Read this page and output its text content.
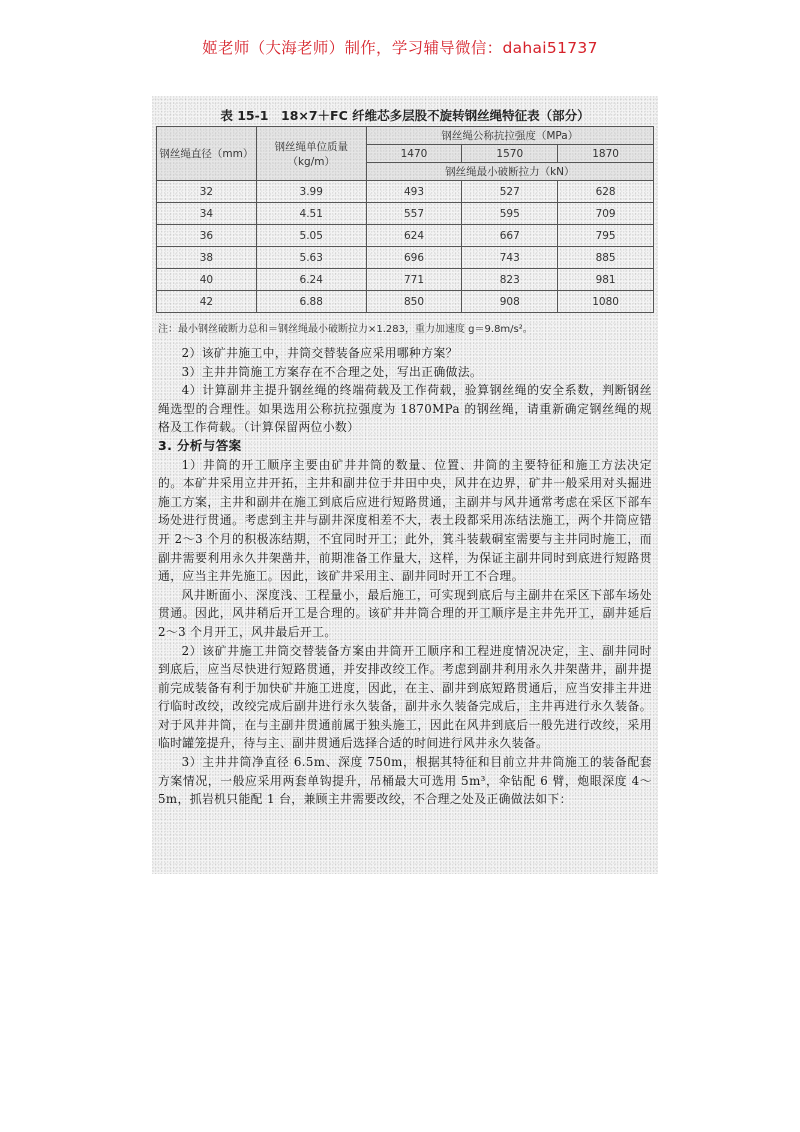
姬老师（大海老师）制作，学习辅导微信：dahai51737
表 15-1　18×7＋FC 纤维芯多层股不旋转钢丝绳特征表（部分）
钢丝绳直径（mm）	钢丝绳单位质量（kg/m）	钢丝绳公称抗拉强度（MPa）		
		1470	1570	1870
		钢丝绳最小破断拉力（kN）		
32	3.99	493	527	628
34	4.51	557	595	709
36	5.05	624	667	795
38	5.63	696	743	885
40	6.24	771	823	981
42	6.88	850	908	1080
注：最小钢丝破断力总和＝钢丝绳最小破断拉力×1.283，重力加速度 g＝9.8m/s²。

2）该矿井施工中，井筒交替装备应采用哪种方案？

3）主井井筒施工方案存在不合理之处，写出正确做法。

4）计算副井主提升钢丝绳的终端荷载及工作荷载，验算钢丝绳的安全系数，判断钢丝绳选型的合理性。如果选用公称抗拉强度为 1870MPa 的钢丝绳，请重新确定钢丝绳的规格及工作荷载。（计算保留两位小数）

3. 分析与答案

1）井筒的开工顺序主要由矿井井筒的数量、位置、井筒的主要特征和施工方法决定的。本矿井采用立井开拓，主井和副井位于井田中央，风井在边界，矿井一般采用对头掘进施工方案，主井和副井在施工到底后应进行短路贯通，主副井与风井通常考虑在采区下部车场处进行贯通。考虑到主井与副井深度相差不大，表土段都采用冻结法施工，两个井筒应错开 2～3 个月的积极冻结期，不宜同时开工；此外，箕斗装载硐室需要与主井同时施工，而副井需要利用永久井架凿井，前期准备工作量大，这样，为保证主副井同时到底进行短路贯通，应当主井先施工。因此，该矿井采用主、副井同时开工不合理。

风井断面小、深度浅、工程量小，最后施工，可实现到底后与主副井在采区下部车场处贯通。因此，风井稍后开工是合理的。该矿井井筒合理的开工顺序是主井先开工，副井延后 2～3 个月开工，风井最后开工。

2）该矿井施工井筒交替装备方案由井筒开工顺序和工程进度情况决定，主、副井同时到底后，应当尽快进行短路贯通，并安排改绞工作。考虑到副井利用永久井架凿井，副井提前完成装备有利于加快矿井施工进度，因此，在主、副井到底短路贯通后，应当安排主井进行临时改绞，改绞完成后副井进行永久装备，副井永久装备完成后，主井再进行永久装备。对于风井井筒，在与主副井贯通前属于独头施工，因此在风井到底后一般先进行改绞，采用临时罐笼提升，待与主、副井贯通后选择合适的时间进行风井永久装备。

3）主井井筒净直径 6.5m、深度 750m，根据其特征和目前立井井筒施工的装备配套方案情况，一般应采用两套单钩提升，吊桶最大可选用 5m³，伞钻配 6 臂，炮眼深度 4～5m，抓岩机只能配 1 台，兼顾主井需要改绞，不合理之处及正确做法如下：
